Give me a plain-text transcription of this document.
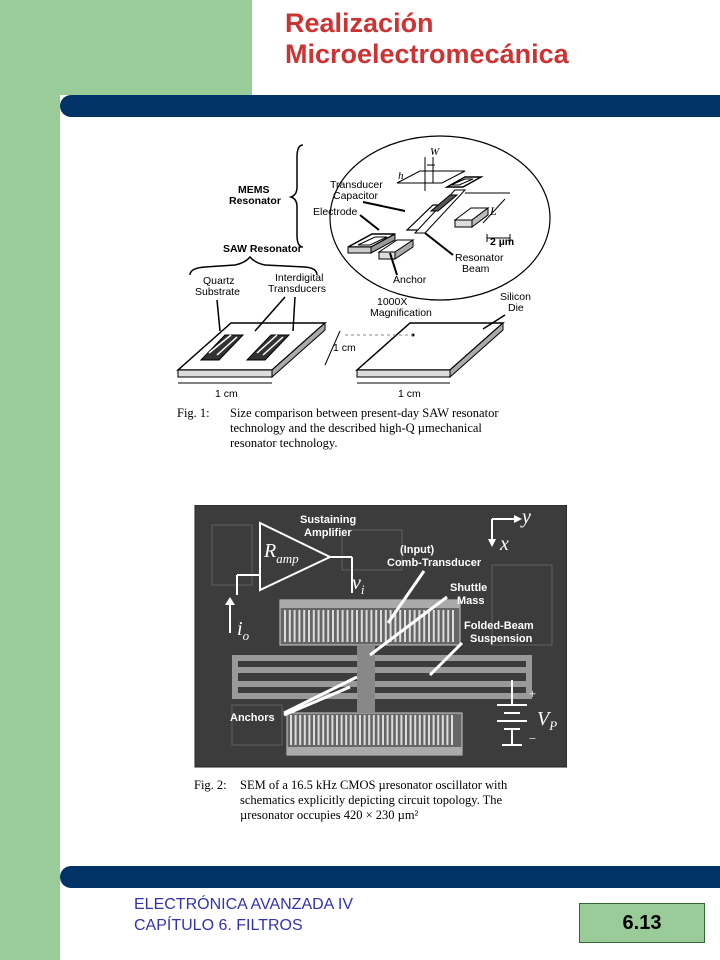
Realización
Microelectromecánica
MEMS
Resonator
SAW Resonator
W
h
L
2 µm
Transducer
Capacitor
Electrode
Anchor
Resonator
Beam
Quartz
Substrate
Interdigital
Transducers
1 cm	1 cm
1 cm
1000X
Magnification
Silicon
Die
Fig. 1: Size comparison between present-day SAW resonator
technology and the described high-Q µmechanical
resonator technology.
$R_{amp}$
Sustaining
Amplifier
(Input)
Comb-Transducer
Shuttle
Mass
Folded-Beam
Suspension
Anchors
$v_i$
$i_o$
y
x
+
−
$V_P$
Fig. 2: SEM of a 16.5 kHz CMOS µresonator oscillator with
schematics explicitly depicting circuit topology. The
µresonator occupies 420 × 230 µm²
ELECTRÓNICA AVANZADA IV
CAPÍTULO 6. FILTROS	6.13
